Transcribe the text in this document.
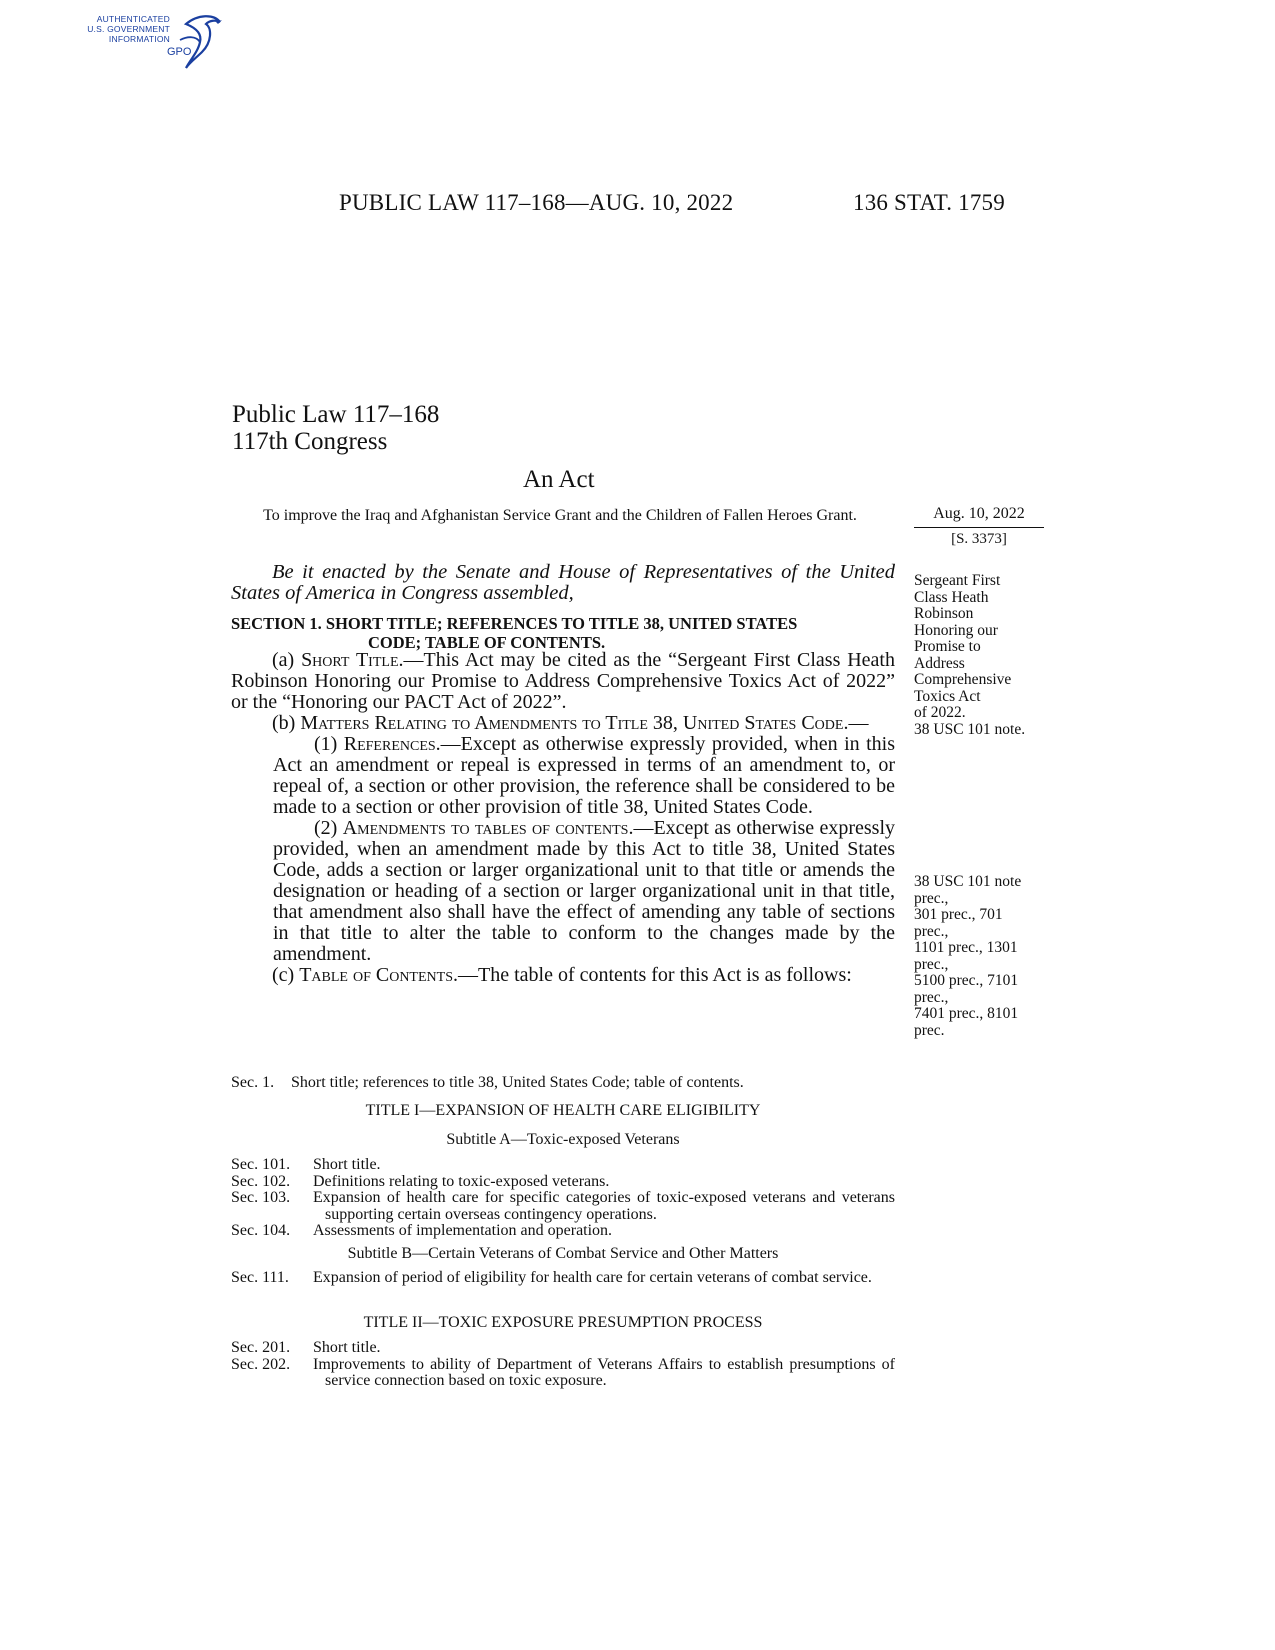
AUTHENTICATED
U.S. GOVERNMENT
INFORMATION
GPO
PUBLIC LAW 117–168—AUG. 10, 2022	136 STAT. 1759
Public Law 117–168
117th Congress
An Act
To improve the Iraq and Afghanistan Service Grant and the Children of Fallen Heroes Grant.	Aug. 10, 2022
[S. 3373]
Sergeant First
Class Heath
Robinson
Honoring our
Promise to
Address
Comprehensive
Toxics Act
of 2022.
38 USC 101 note.
38 USC 101 note
prec.,
301 prec., 701
prec.,
1101 prec., 1301
prec.,
5100 prec., 7101
prec.,
7401 prec., 8101
prec.
Be it enacted by the Senate and House of Representatives of the United States of America in Congress assembled,
SECTION 1. SHORT TITLE; REFERENCES TO TITLE 38, UNITED STATES
CODE; TABLE OF CONTENTS.
(a) Short Title.—This Act may be cited as the “Sergeant First Class Heath Robinson Honoring our Promise to Address Comprehensive Toxics Act of 2022” or the “Honoring our PACT Act of 2022”.
(b) Matters Relating to Amendments to Title 38, United States Code.—
(1) References.—Except as otherwise expressly provided, when in this Act an amendment or repeal is expressed in terms of an amendment to, or repeal of, a section or other provision, the reference shall be considered to be made to a section or other provision of title 38, United States Code.
(2) Amendments to tables of contents.—Except as otherwise expressly provided, when an amendment made by this Act to title 38, United States Code, adds a section or larger organizational unit to that title or amends the designation or heading of a section or larger organizational unit in that title, that amendment also shall have the effect of amending any table of sections in that title to alter the table to conform to the changes made by the amendment.
(c) Table of Contents.—The table of contents for this Act is as follows:
Sec. 1.	Short title; references to title 38, United States Code; table of contents.
TITLE I—EXPANSION OF HEALTH CARE ELIGIBILITY
Subtitle A—Toxic-exposed Veterans
Sec. 101.	Short title.
Sec. 102.	Definitions relating to toxic-exposed veterans.
Sec. 103.	Expansion of health care for specific categories of toxic-exposed veterans and veterans supporting certain overseas contingency operations.
Sec. 104.	Assessments of implementation and operation.
Subtitle B—Certain Veterans of Combat Service and Other Matters
Sec. 111.	Expansion of period of eligibility for health care for certain veterans of combat service.
TITLE II—TOXIC EXPOSURE PRESUMPTION PROCESS
Sec. 201.	Short title.
Sec. 202.	Improvements to ability of Department of Veterans Affairs to establish presumptions of service connection based on toxic exposure.
